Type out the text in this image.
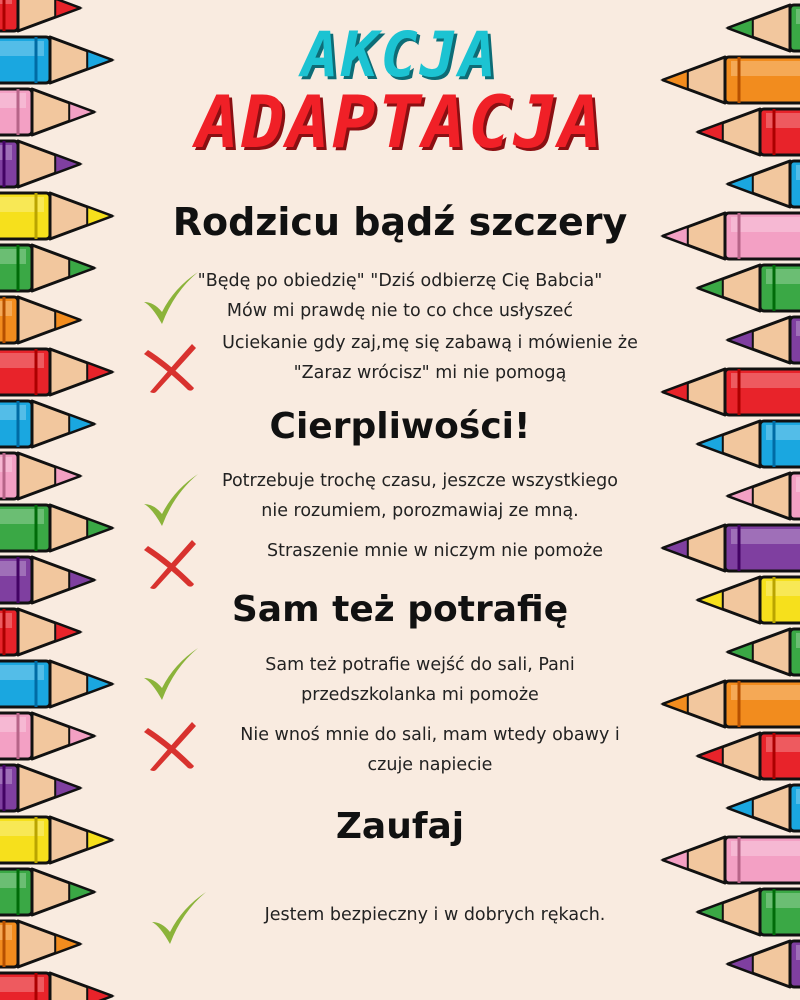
AKCJA
ADAPTACJA
Rodzicu bądź szczery

"Będę po obiedzię" "Dziś odbierzę Cię Babcia"
Mów mi prawdę nie to co chce usłyszeć

Uciekanie gdy zaj,mę się zabawą i mówienie że
"Zaraz wrócisz" mi nie pomogą

Cierpliwości!

Potrzebuje trochę czasu, jeszcze wszystkiego
nie rozumiem, porozmawiaj ze mną.

Straszenie mnie w niczym nie pomoże

Sam też potrafię

Sam też potrafie wejść do sali, Pani
przedszkolanka mi pomoże

Nie wnoś mnie do sali, mam wtedy obawy i
czuje napiecie

Zaufaj

Jestem bezpieczny i w dobrych rękach.
